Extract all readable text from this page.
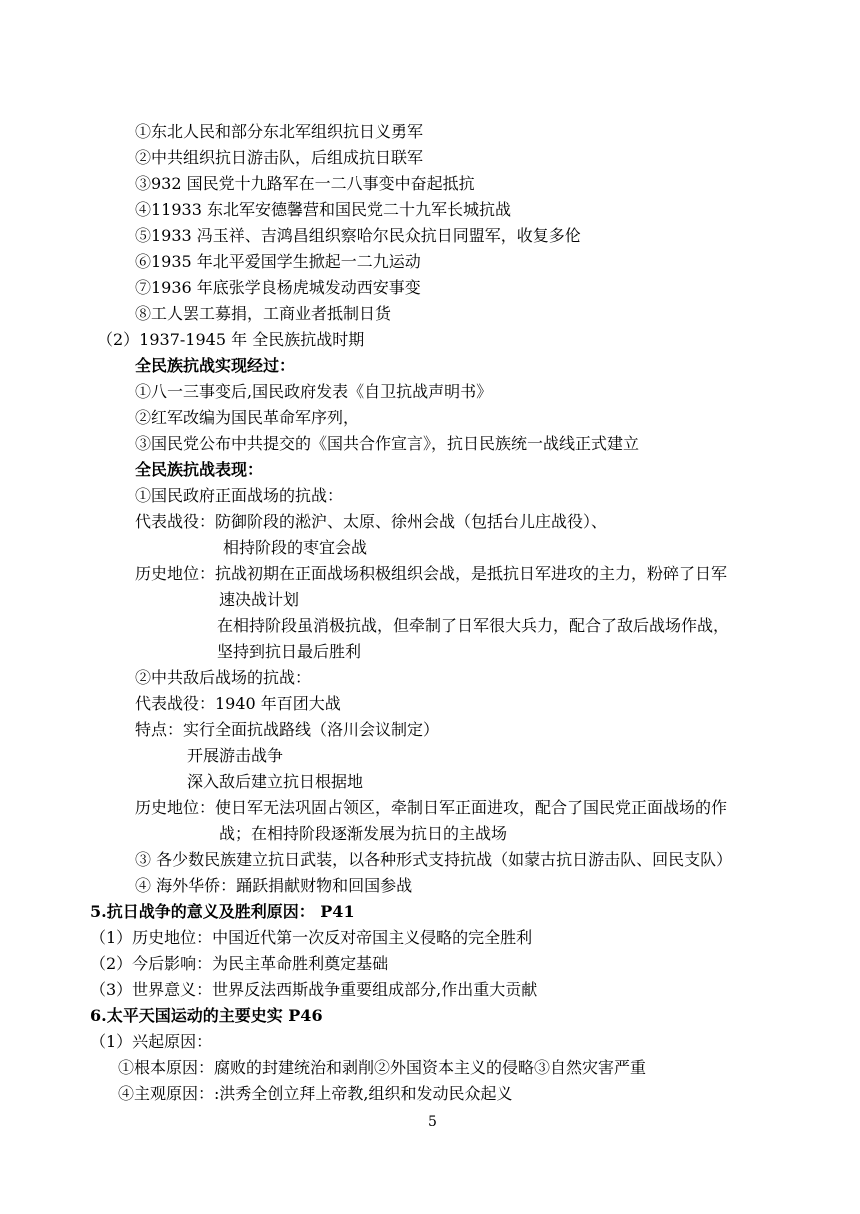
①东北人民和部分东北军组织抗日义勇军
②中共组织抗日游击队，后组成抗日联军
③932 国民党十九路军在一二八事变中奋起抵抗
④11933 东北军安德馨营和国民党二十九军长城抗战
⑤1933 冯玉祥、吉鸿昌组织察哈尔民众抗日同盟军，收复多伦
⑥1935 年北平爱国学生掀起一二九运动
⑦1936 年底张学良杨虎城发动西安事变
⑧工人罢工募捐，工商业者抵制日货
（2）1937-1945 年 全民族抗战时期
全民族抗战实现经过：
①八一三事变后,国民政府发表《自卫抗战声明书》
②红军改编为国民革命军序列，
③国民党公布中共提交的《国共合作宣言》，抗日民族统一战线正式建立
全民族抗战表现：
①国民政府正面战场的抗战：
代表战役：防御阶段的淞沪、太原、徐州会战（包括台儿庄战役）、
相持阶段的枣宜会战
历史地位：抗战初期在正面战场积极组织会战，是抵抗日军进攻的主力，粉碎了日军
速决战计划
在相持阶段虽消极抗战，但牵制了日军很大兵力，配合了敌后战场作战，
坚持到抗日最后胜利
②中共敌后战场的抗战：
代表战役：1940 年百团大战
特点：实行全面抗战路线（洛川会议制定）
开展游击战争
深入敌后建立抗日根据地
历史地位：使日军无法巩固占领区，牵制日军正面进攻，配合了国民党正面战场的作
战；在相持阶段逐渐发展为抗日的主战场
③ 各少数民族建立抗日武装，以各种形式支持抗战（如蒙古抗日游击队、回民支队）
④ 海外华侨：踊跃捐献财物和回国参战
5.抗日战争的意义及胜利原因： P41
（1）历史地位：中国近代第一次反对帝国主义侵略的完全胜利
（2）今后影响：为民主革命胜利奠定基础
（3）世界意义：世界反法西斯战争重要组成部分,作出重大贡献
6.太平天国运动的主要史实 P46
（1）兴起原因：
①根本原因：腐败的封建统治和剥削②外国资本主义的侵略③自然灾害严重
④主观原因：:洪秀全创立拜上帝教,组织和发动民众起义
5
